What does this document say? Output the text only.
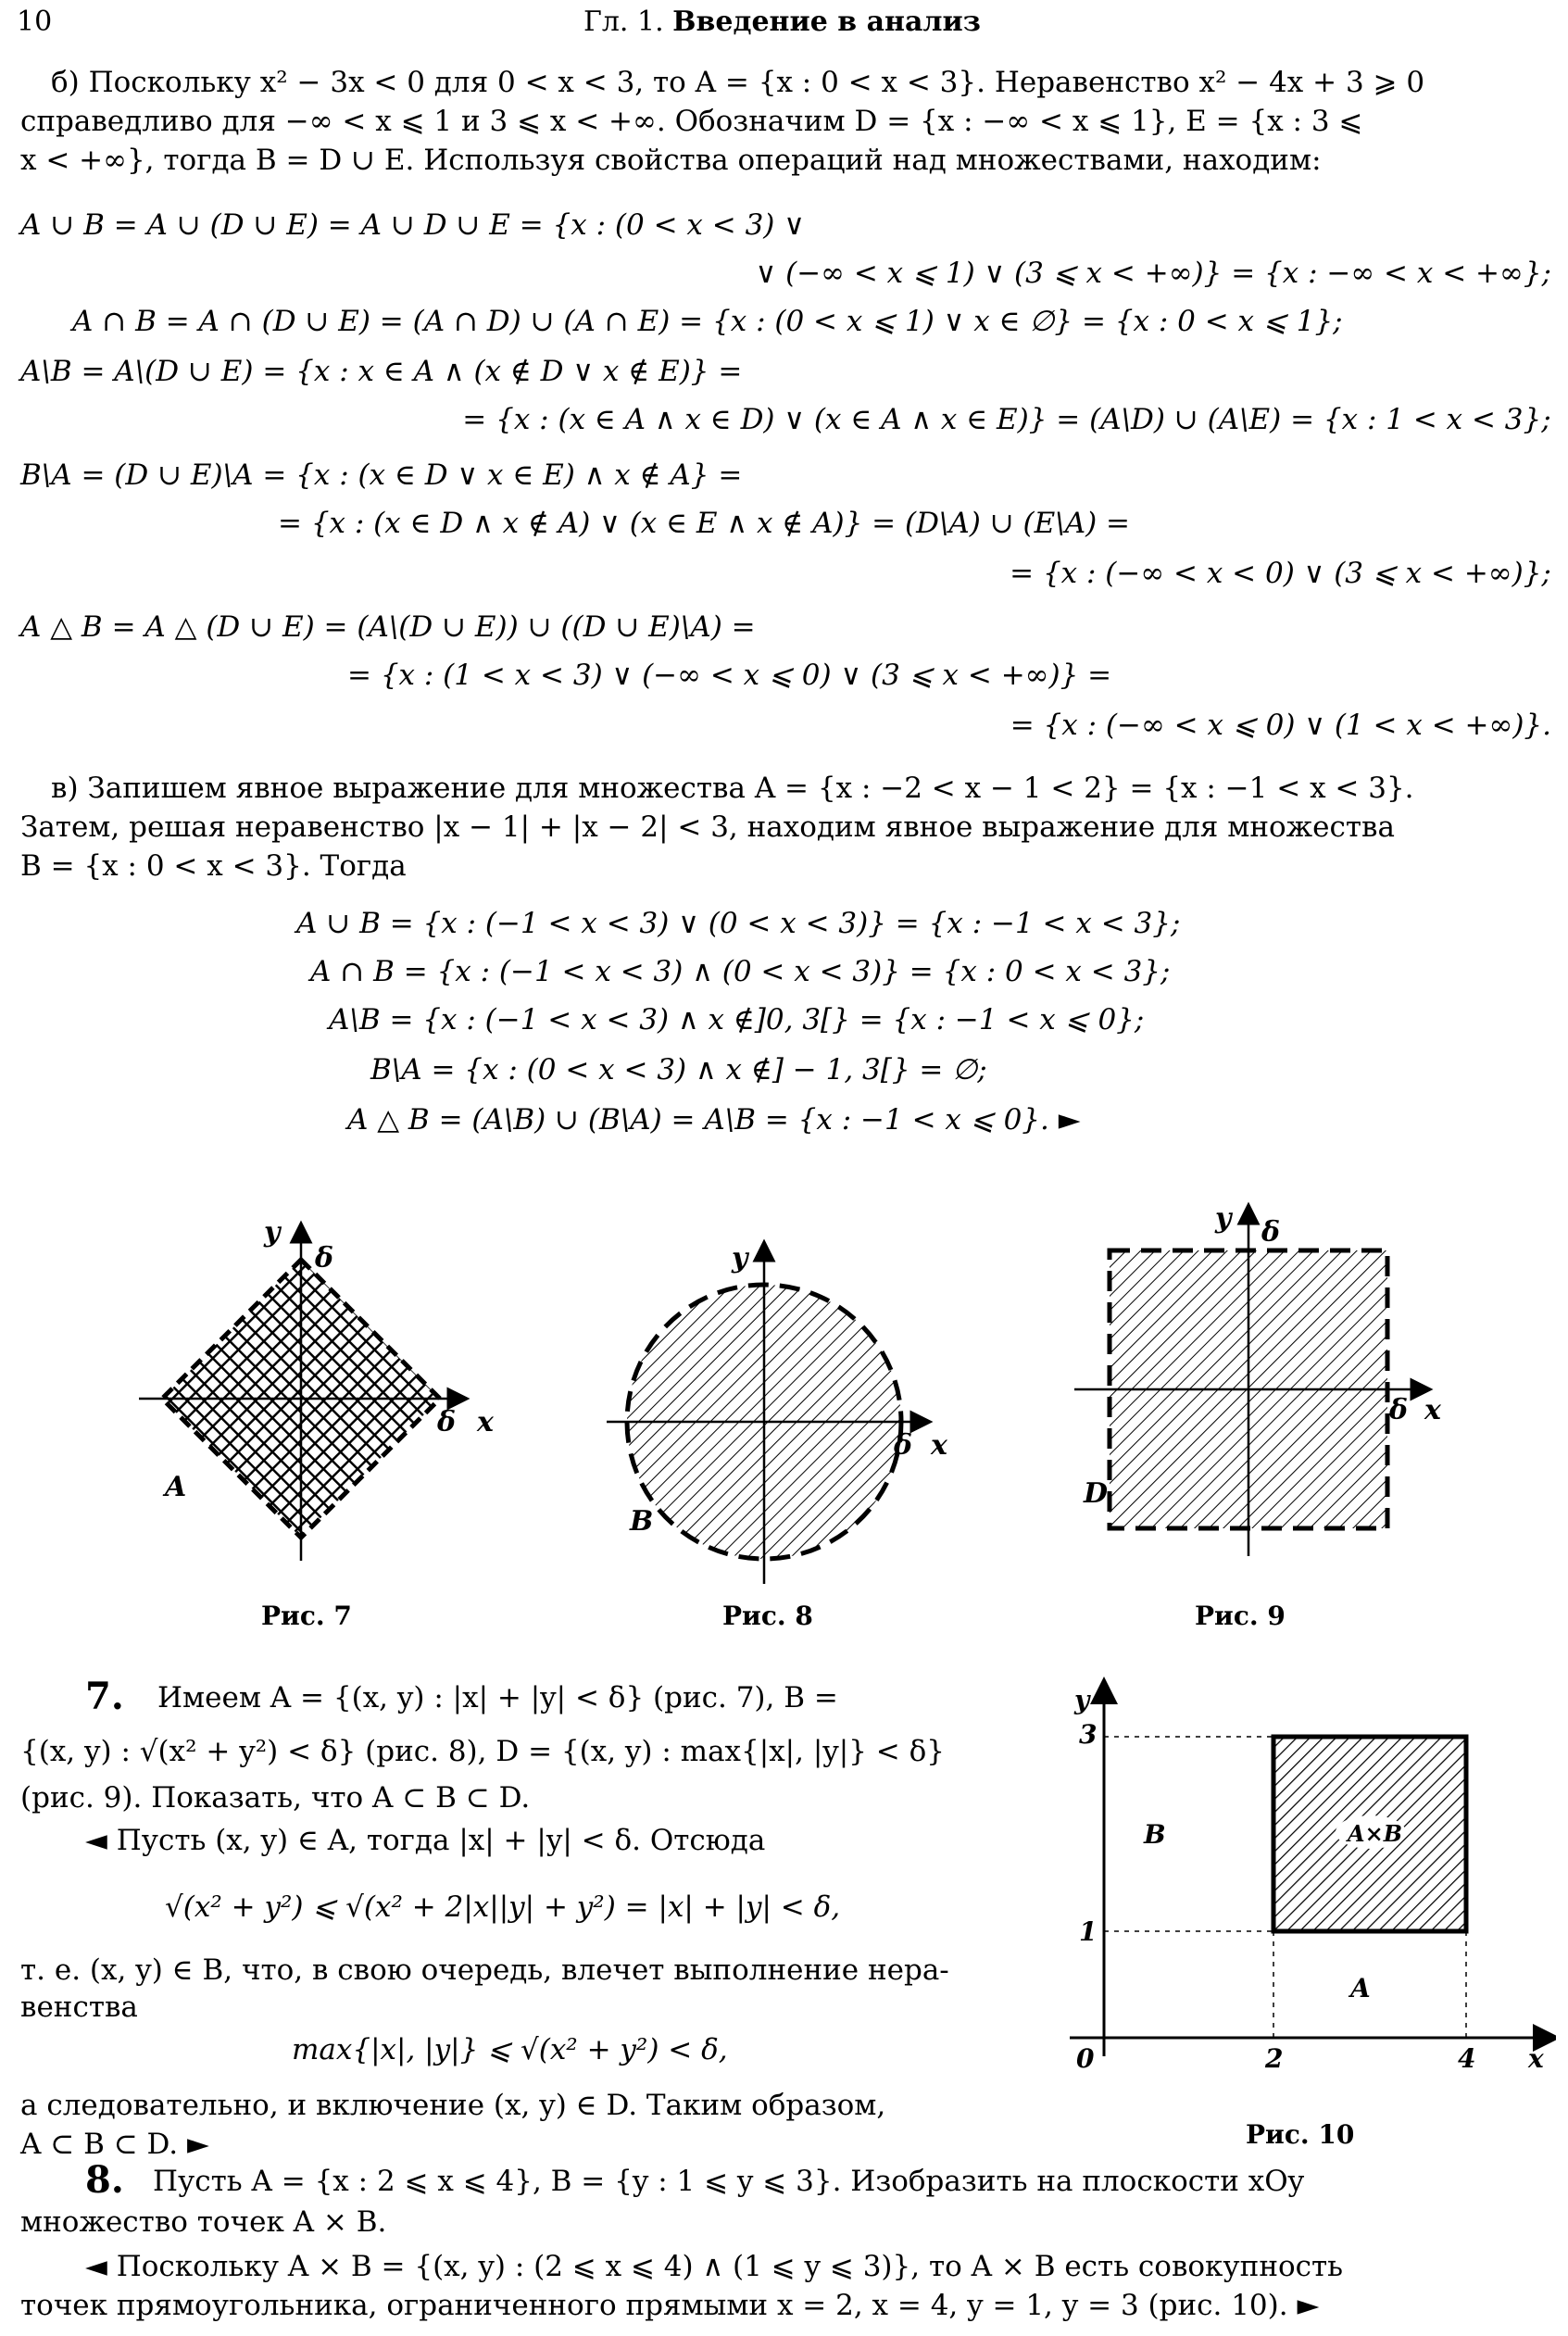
10	Гл. 1. Введение в анализ
б) Поскольку x² − 3x < 0 для 0 < x < 3, то A = {x : 0 < x < 3}. Неравенство x² − 4x + 3 ⩾ 0
справедливо для −∞ < x ⩽ 1 и 3 ⩽ x < +∞. Обозначим D = {x : −∞ < x ⩽ 1}, E = {x : 3 ⩽
x < +∞}, тогда B = D ∪ E. Используя свойства операций над множествами, находим:
A ∪ B = A ∪ (D ∪ E) = A ∪ D ∪ E = {x : (0 < x < 3) ∨
∨ (−∞ < x ⩽ 1) ∨ (3 ⩽ x < +∞)} = {x : −∞ < x < +∞};
A ∩ B = A ∩ (D ∪ E) = (A ∩ D) ∪ (A ∩ E) = {x : (0 < x ⩽ 1) ∨ x ∈ ∅} = {x : 0 < x ⩽ 1};
A\B = A\(D ∪ E) = {x : x ∈ A ∧ (x ∉ D ∨ x ∉ E)} =
= {x : (x ∈ A ∧ x ∈ D) ∨ (x ∈ A ∧ x ∈ E)} = (A\D) ∪ (A\E) = {x : 1 < x < 3};
B\A = (D ∪ E)\A = {x : (x ∈ D ∨ x ∈ E) ∧ x ∉ A} =
= {x : (x ∈ D ∧ x ∉ A) ∨ (x ∈ E ∧ x ∉ A)} = (D\A) ∪ (E\A) =
= {x : (−∞ < x < 0) ∨ (3 ⩽ x < +∞)};
A △ B = A △ (D ∪ E) = (A\(D ∪ E)) ∪ ((D ∪ E)\A) =
= {x : (1 < x < 3) ∨ (−∞ < x ⩽ 0) ∨ (3 ⩽ x < +∞)} =
= {x : (−∞ < x ⩽ 0) ∨ (1 < x < +∞)}.
в) Запишем явное выражение для множества A = {x : −2 < x − 1 < 2} = {x : −1 < x < 3}.
Затем, решая неравенство |x − 1| + |x − 2| < 3, находим явное выражение для множества
B = {x : 0 < x < 3}. Тогда
A ∪ B = {x : (−1 < x < 3) ∨ (0 < x < 3)} = {x : −1 < x < 3};
A ∩ B = {x : (−1 < x < 3) ∧ (0 < x < 3)} = {x : 0 < x < 3};
A\B = {x : (−1 < x < 3) ∧ x ∉]0, 3[} = {x : −1 < x ⩽ 0};
B\A = {x : (0 < x < 3) ∧ x ∉] − 1, 3[} = ∅;
A △ B = (A\B) ∪ (B\A) = A\B = {x : −1 < x ⩽ 0}. ►
y
δ
δ x
A
y
δ x
B
y δ
δ x
D
Рис. 7	Рис. 8	Рис. 9
7. Имеем A = {(x, y) : |x| + |y| < δ} (рис. 7), B =
{(x, y) : √(x² + y²) < δ} (рис. 8), D = {(x, y) : max{|x|, |y|} < δ}
(рис. 9). Показать, что A ⊂ B ⊂ D.
◄ Пусть (x, y) ∈ A, тогда |x| + |y| < δ. Отсюда
√(x² + y²) ⩽ √(x² + 2|x||y| + y²) = |x| + |y| < δ,
т. е. (x, y) ∈ B, что, в свою очередь, влечет выполнение нера-
венства
max{|x|, |y|} ⩽ √(x² + y²) < δ,
а следовательно, и включение (x, y) ∈ D. Таким образом,
A ⊂ B ⊂ D. ►
A×B
y
3
1
0	2	4 x
B
A
Рис. 10
8. Пусть A = {x : 2 ⩽ x ⩽ 4}, B = {y : 1 ⩽ y ⩽ 3}. Изобразить на плоскости xOy
множество точек A × B.
◄ Поскольку A × B = {(x, y) : (2 ⩽ x ⩽ 4) ∧ (1 ⩽ y ⩽ 3)}, то A × B есть совокупность
точек прямоугольника, ограниченного прямыми x = 2, x = 4, y = 1, y = 3 (рис. 10). ►
